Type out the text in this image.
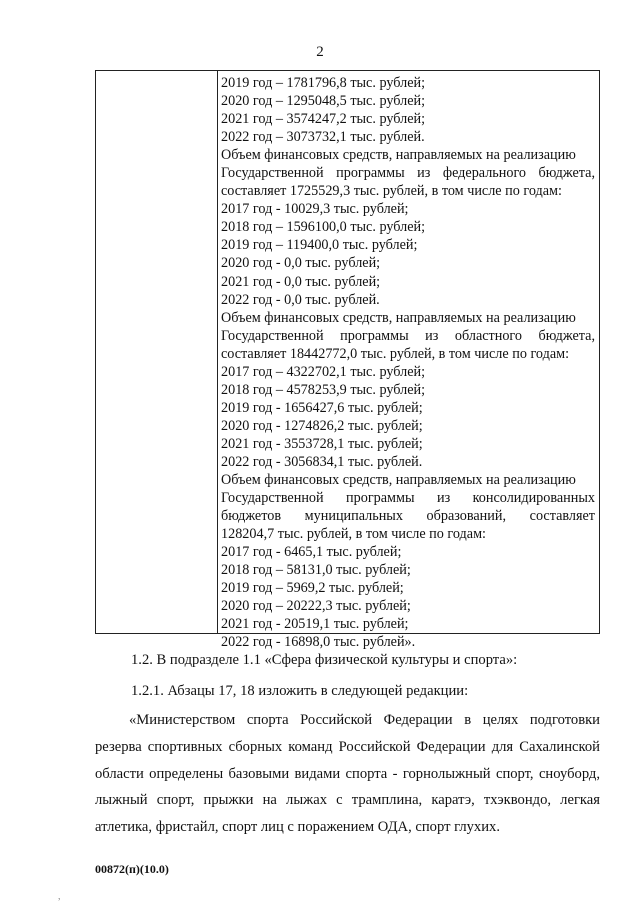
2
2019 год – 1781796,8 тыс. рублей;
2020 год – 1295048,5 тыс. рублей;
2021 год – 3574247,2 тыс. рублей;
2022 год – 3073732,1 тыс. рублей.
Объем финансовых средств, направляемых на реализацию
Государственной программы из федерального бюджета,
составляет 1725529,3 тыс. рублей, в том числе по годам:
2017 год - 10029,3 тыс. рублей;
2018 год – 1596100,0 тыс. рублей;
2019 год – 119400,0 тыс. рублей;
2020 год - 0,0 тыс. рублей;
2021 год - 0,0 тыс. рублей;
2022 год - 0,0 тыс. рублей.
Объем финансовых средств, направляемых на реализацию
Государственной программы из областного бюджета,
составляет 18442772,0 тыс. рублей, в том числе по годам:
2017 год – 4322702,1 тыс. рублей;
2018 год – 4578253,9 тыс. рублей;
2019 год - 1656427,6 тыс. рублей;
2020 год - 1274826,2 тыс. рублей;
2021 год - 3553728,1 тыс. рублей;
2022 год - 3056834,1 тыс. рублей.
Объем финансовых средств, направляемых на реализацию
Государственной программы из консолидированных
бюджетов муниципальных образований, составляет
128204,7 тыс. рублей, в том числе по годам:
2017 год - 6465,1 тыс. рублей;
2018 год – 58131,0 тыс. рублей;
2019 год – 5969,2 тыс. рублей;
2020 год – 20222,3 тыс. рублей;
2021 год - 20519,1 тыс. рублей;
2022 год - 16898,0 тыс. рублей».
1.2. В подразделе 1.1 «Сфера физической культуры и спорта»:
1.2.1. Абзацы 17, 18 изложить в следующей редакции:
«Министерством спорта Российской Федерации в целях подготовки
резерва спортивных сборных команд Российской Федерации для Сахалинской
области определены базовыми видами спорта - горнолыжный спорт, сноуборд,
лыжный спорт, прыжки на лыжах с трамплина, каратэ, тхэквондо, легкая
атлетика, фристайл, спорт лиц с поражением ОДА, спорт глухих.
00872(п)(10.0)
,
